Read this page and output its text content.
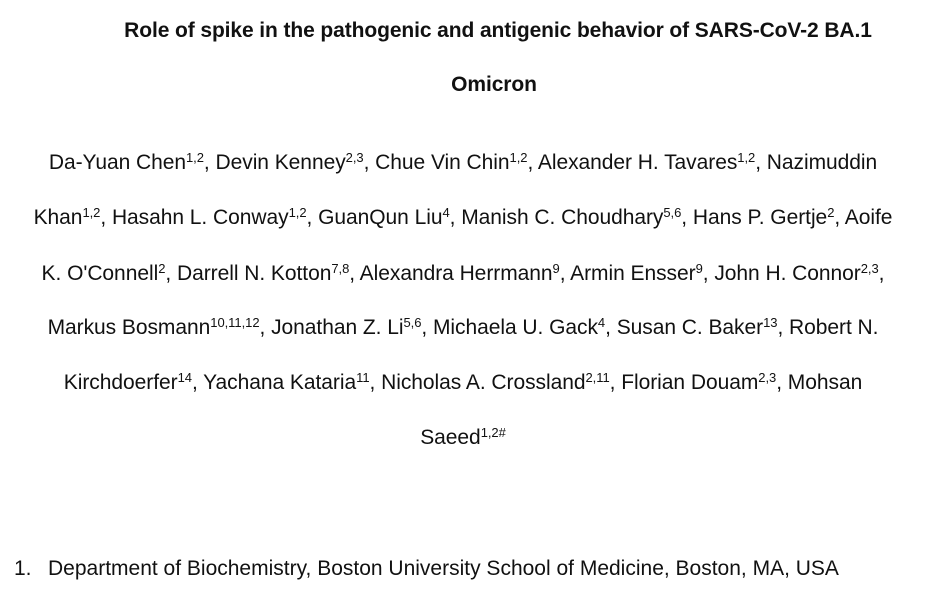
Role of spike in the pathogenic and antigenic behavior of SARS-CoV-2 BA.1
Omicron
Da-Yuan Chen$^{1,2}$, Devin Kenney$^{2,3}$, Chue Vin Chin$^{1,2}$, Alexander H. Tavares$^{1,2}$, Nazimuddin
Khan$^{1,2}$, Hasahn L. Conway$^{1,2}$, GuanQun Liu$^4$, Manish C. Choudhary$^{5,6}$, Hans P. Gertje$^2$, Aoife
K. O'Connell$^2$, Darrell N. Kotton$^{7,8}$, Alexandra Herrmann$^9$, Armin Ensser$^9$, John H. Connor$^{2,3}$,
Markus Bosmann$^{10,11,12}$, Jonathan Z. Li$^{5,6}$, Michaela U. Gack$^4$, Susan C. Baker$^{13}$, Robert N.
Kirchdoerfer$^{14}$, Yachana Kataria$^{11}$, Nicholas A. Crossland$^{2,11}$, Florian Douam$^{2,3}$, Mohsan
Saeed$^{1,2\#}$
1. Department of Biochemistry, Boston University School of Medicine, Boston, MA, USA
